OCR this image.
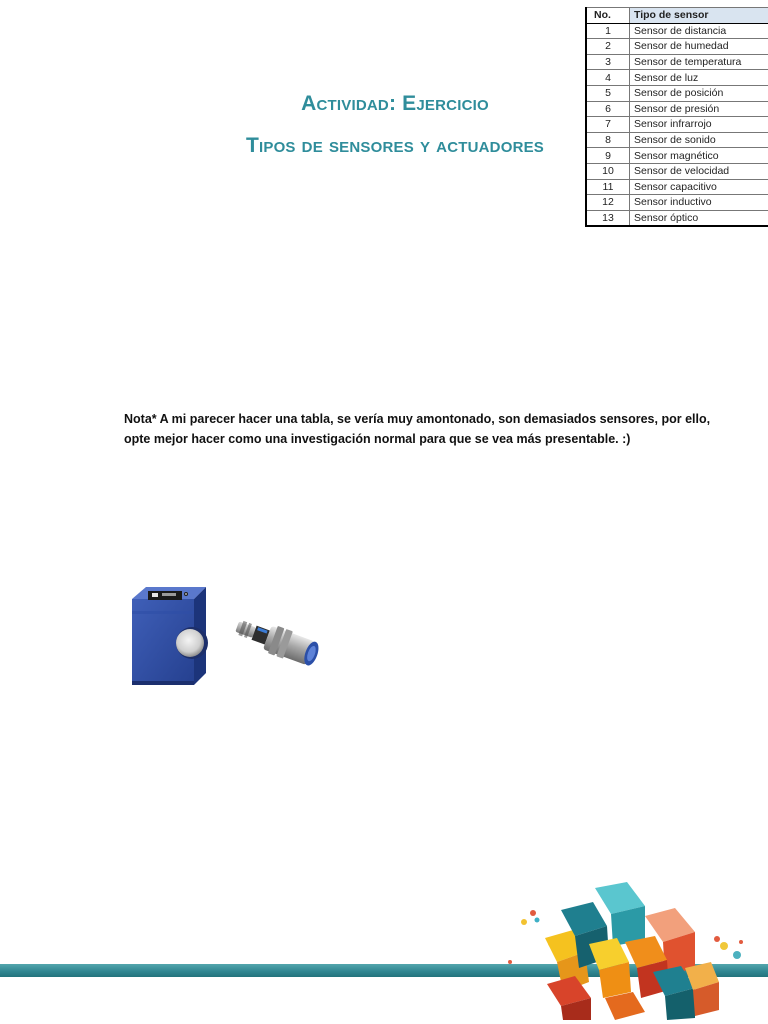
Actividad: Ejercicio
Tipos de sensores y actuadores
No.	Tipo de sensor
1	Sensor de distancia
2	Sensor de humedad
3	Sensor de temperatura
4	Sensor de luz
5	Sensor de posición
6	Sensor de presión
7	Sensor infrarrojo
8	Sensor de sonido
9	Sensor magnético
10	Sensor de velocidad
11	Sensor capacitivo
12	Sensor inductivo
13	Sensor óptico
Nota* A mi parecer hacer una tabla, se vería muy amontonado, son demasiados sensores, por ello,
opte mejor hacer como una investigación normal para que se vea más presentable. :)
